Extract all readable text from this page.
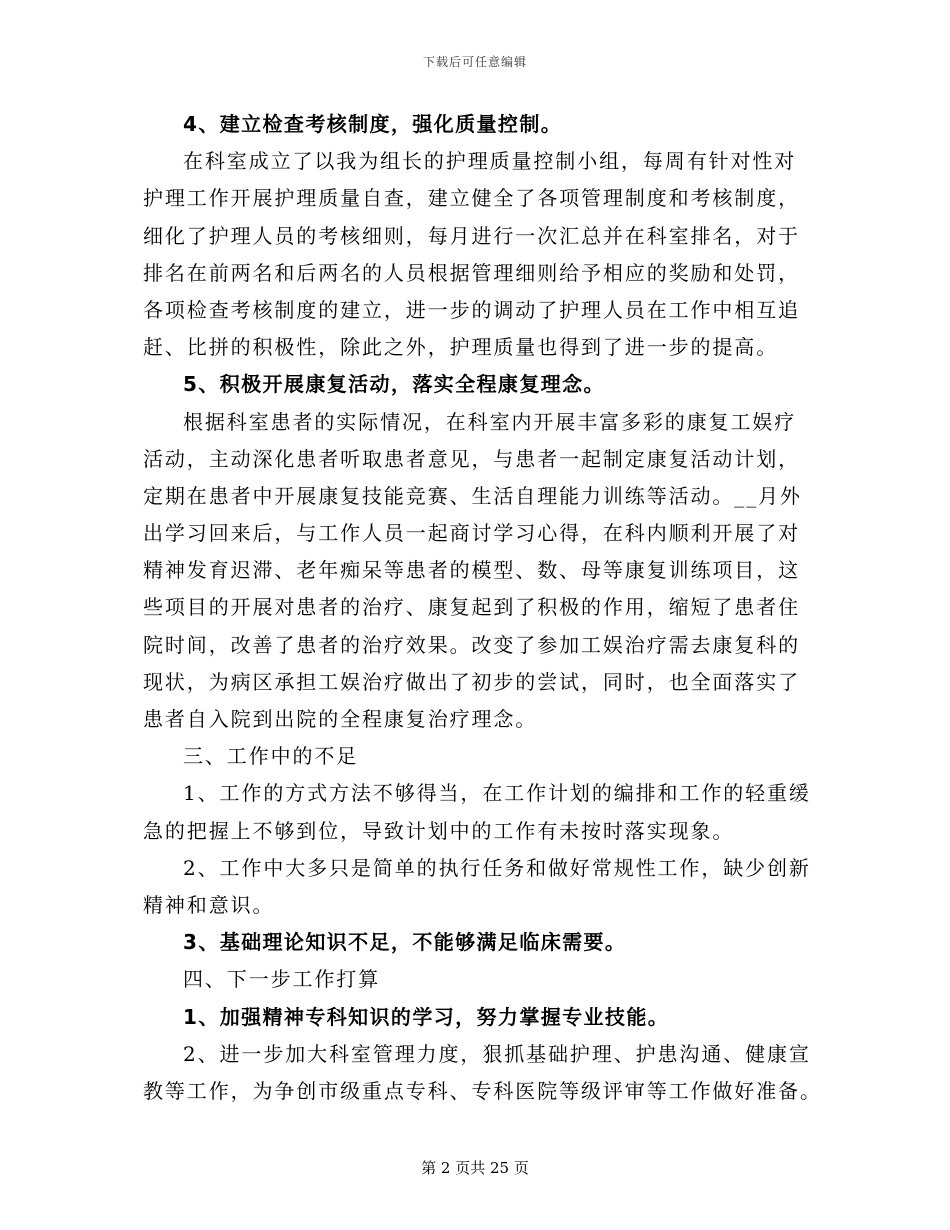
下载后可任意编辑
4、建立检查考核制度，强化质量控制。
在科室成立了以我为组长的护理质量控制小组，每周有针对性对
护理工作开展护理质量自查，建立健全了各项管理制度和考核制度，
细化了护理人员的考核细则，每月进行一次汇总并在科室排名，对于
排名在前两名和后两名的人员根据管理细则给予相应的奖励和处罚，
各项检查考核制度的建立，进一步的调动了护理人员在工作中相互追
赶、比拼的积极性，除此之外，护理质量也得到了进一步的提高。
5、积极开展康复活动，落实全程康复理念。
根据科室患者的实际情况，在科室内开展丰富多彩的康复工娱疗
活动，主动深化患者听取患者意见，与患者一起制定康复活动计划，
定期在患者中开展康复技能竞赛、生活自理能力训练等活动。__月外
出学习回来后，与工作人员一起商讨学习心得，在科内顺利开展了对
精神发育迟滞、老年痴呆等患者的模型、数、母等康复训练项目，这
些项目的开展对患者的治疗、康复起到了积极的作用，缩短了患者住
院时间，改善了患者的治疗效果。改变了参加工娱治疗需去康复科的
现状，为病区承担工娱治疗做出了初步的尝试，同时，也全面落实了
患者自入院到出院的全程康复治疗理念。
三、工作中的不足
1、工作的方式方法不够得当，在工作计划的编排和工作的轻重缓
急的把握上不够到位，导致计划中的工作有未按时落实现象。
2、工作中大多只是简单的执行任务和做好常规性工作，缺少创新
精神和意识。
3、基础理论知识不足，不能够满足临床需要。
四、下一步工作打算
1、加强精神专科知识的学习，努力掌握专业技能。
2、进一步加大科室管理力度，狠抓基础护理、护患沟通、健康宣
教等工作，为争创市级重点专科、专科医院等级评审等工作做好准备。
第 2 页共 25 页
